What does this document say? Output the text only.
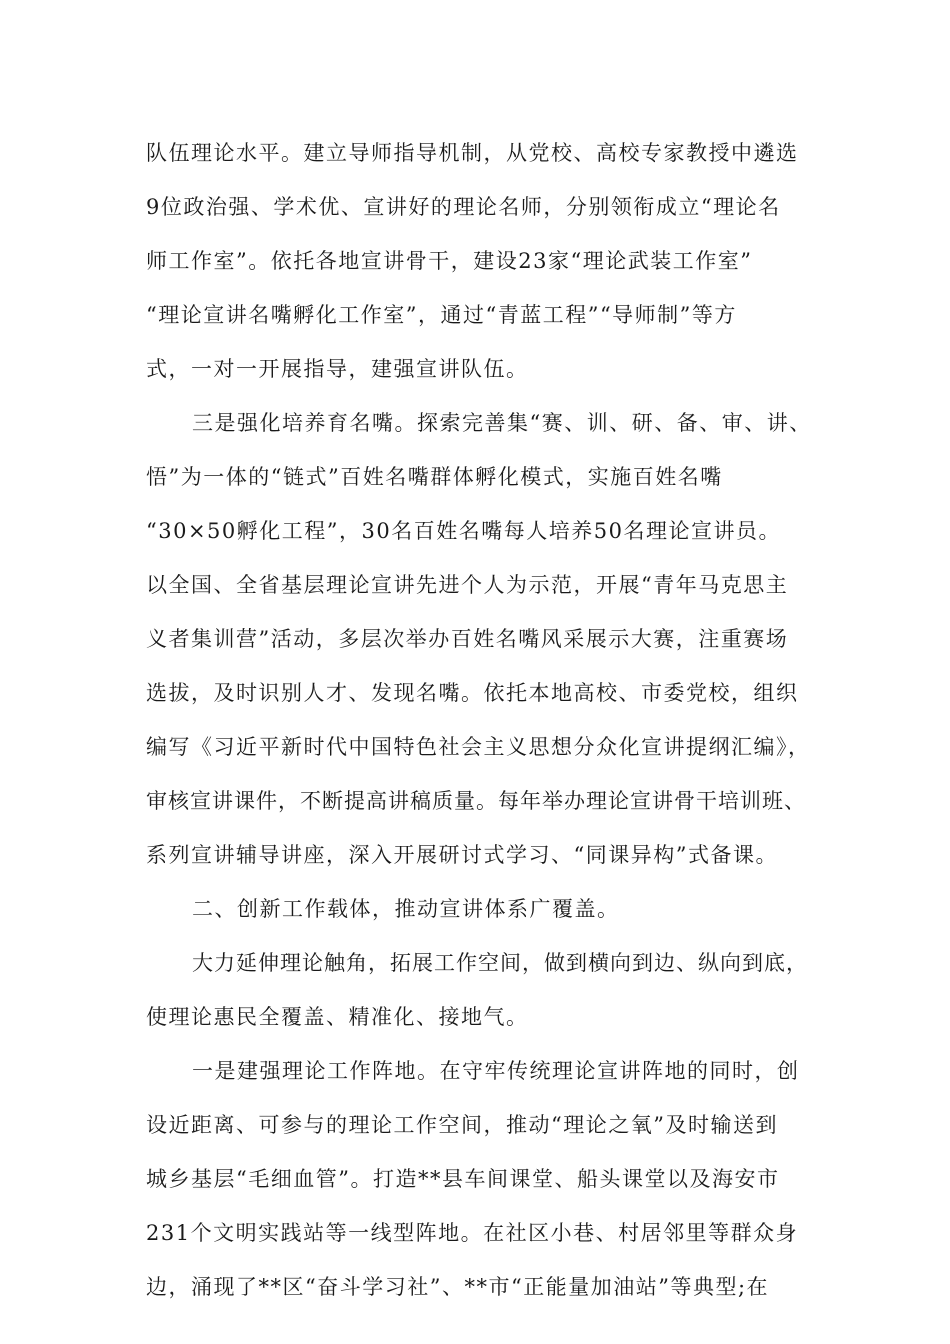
队伍理论水平。建立导师指导机制，从党校、高校专家教授中遴选
9位政治强、学术优、宣讲好的理论名师，分别领衔成立“理论名
师工作室”。依托各地宣讲骨干，建设23家“理论武装工作室”
“理论宣讲名嘴孵化工作室”，通过“青蓝工程”“导师制”等方
式，一对一开展指导，建强宣讲队伍。
三是强化培养育名嘴。探索完善集“赛、训、研、备、审、讲、
悟”为一体的“链式”百姓名嘴群体孵化模式，实施百姓名嘴
“30×50孵化工程”，30名百姓名嘴每人培养50名理论宣讲员。
以全国、全省基层理论宣讲先进个人为示范，开展“青年马克思主
义者集训营”活动，多层次举办百姓名嘴风采展示大赛，注重赛场
选拔，及时识别人才、发现名嘴。依托本地高校、市委党校，组织
编写《习近平新时代中国特色社会主义思想分众化宣讲提纲汇编》，
审核宣讲课件，不断提高讲稿质量。每年举办理论宣讲骨干培训班、
系列宣讲辅导讲座，深入开展研讨式学习、“同课异构”式备课。
二、创新工作载体，推动宣讲体系广覆盖。
大力延伸理论触角，拓展工作空间，做到横向到边、纵向到底，
使理论惠民全覆盖、精准化、接地气。
一是建强理论工作阵地。在守牢传统理论宣讲阵地的同时，创
设近距离、可参与的理论工作空间，推动“理论之氧”及时输送到
城乡基层“毛细血管”。打造**县车间课堂、船头课堂以及海安市
231个文明实践站等一线型阵地。在社区小巷、村居邻里等群众身
边，涌现了**区“奋斗学习社”、**市“正能量加油站”等典型;在
